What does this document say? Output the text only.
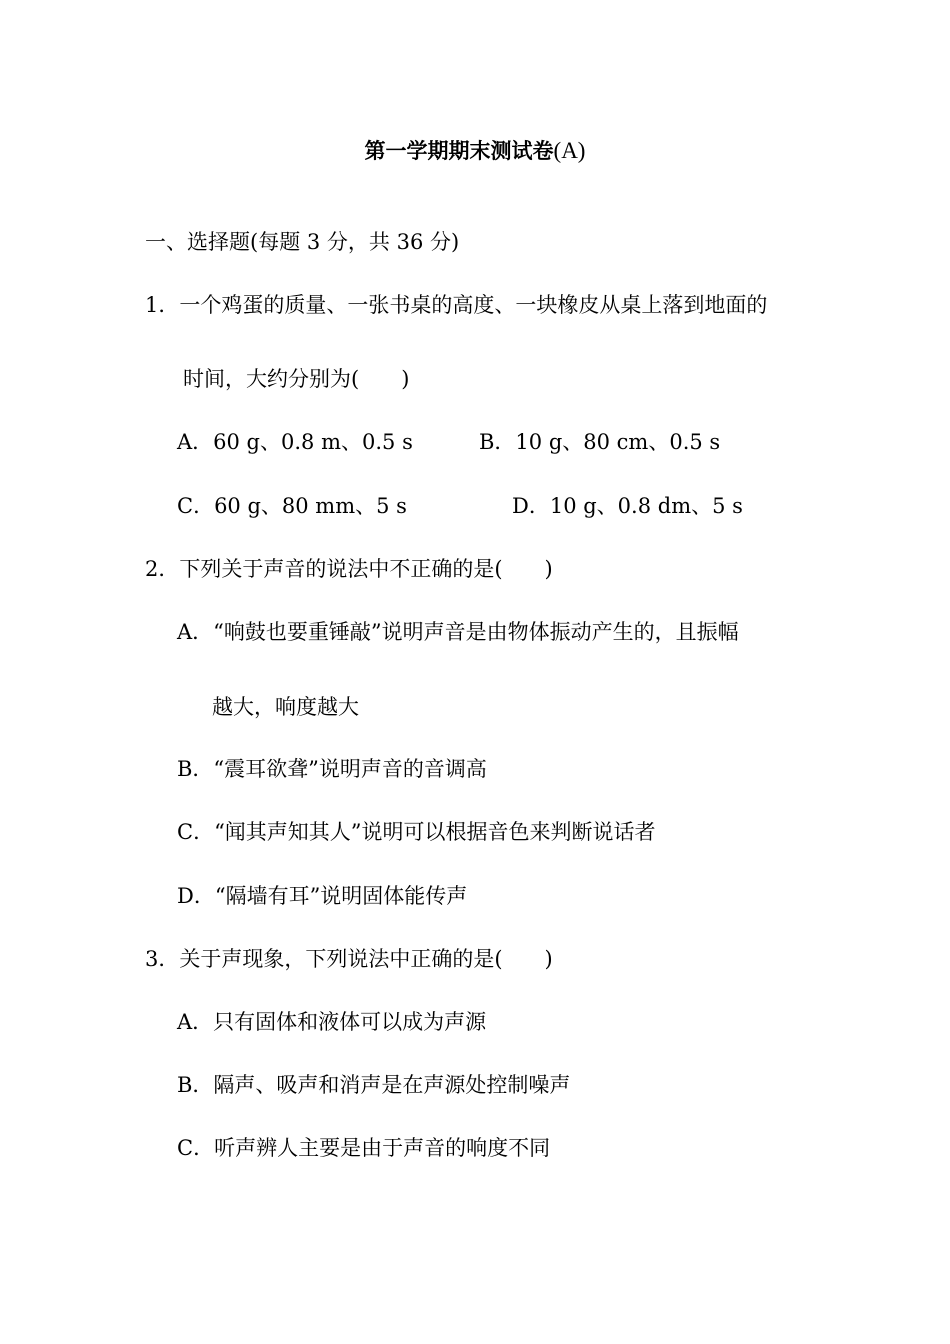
第一学期期末测试卷(A)
一、选择题(每题 3 分，共 36 分)
1．一个鸡蛋的质量、一张书桌的高度、一块橡皮从桌上落到地面的
时间，大约分别为(　　)
A．60 g、0.8 m、0.5 s	B．10 g、80 cm、0.5 s
C．60 g、80 mm、5 s	D．10 g、0.8 dm、5 s
2．下列关于声音的说法中不正确的是(　　)
A．“响鼓也要重锤敲”说明声音是由物体振动产生的，且振幅
越大，响度越大
B．“震耳欲聋”说明声音的音调高
C．“闻其声知其人”说明可以根据音色来判断说话者
D．“隔墙有耳”说明固体能传声
3．关于声现象，下列说法中正确的是(　　)
A．只有固体和液体可以成为声源
B．隔声、吸声和消声是在声源处控制噪声
C．听声辨人主要是由于声音的响度不同
